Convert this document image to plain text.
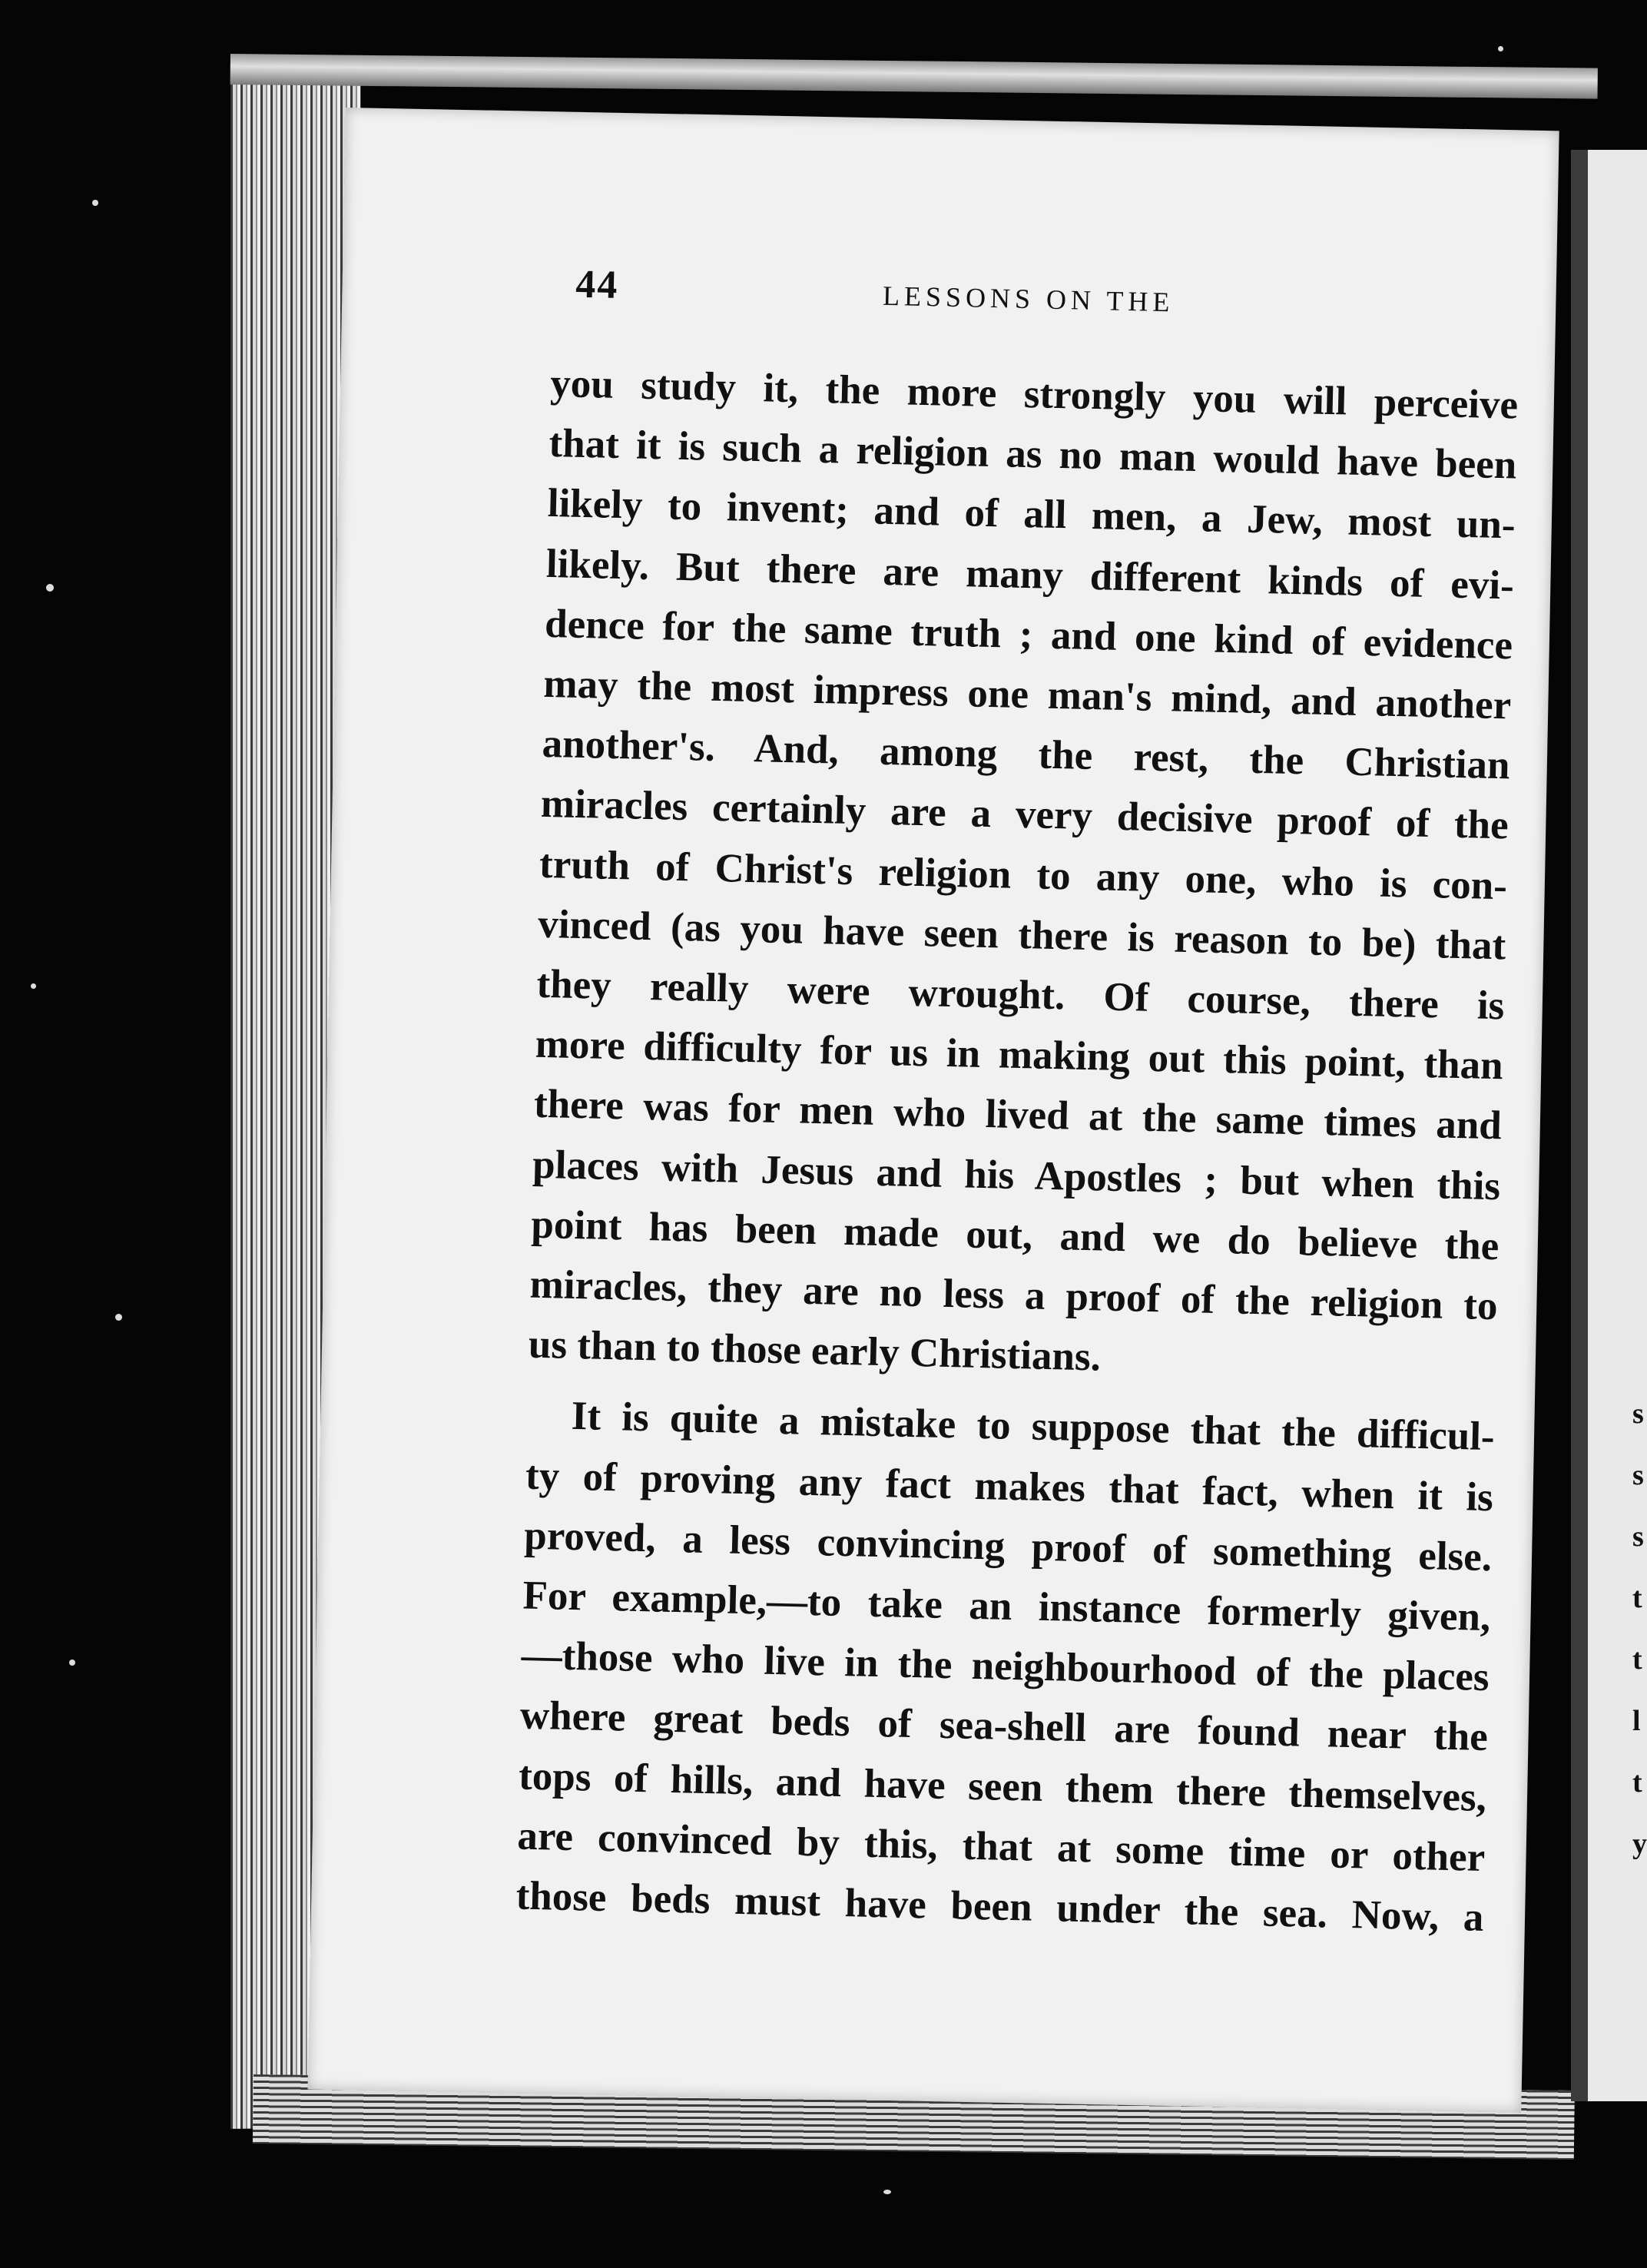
s
s
s
t
t
l
t
y
44	LESSONS ON THE
you study it, the more strongly you will perceive
that it is such a religion as no man would have been
likely to invent; and of all men, a Jew, most un-
likely. But there are many different kinds of evi-
dence for the same truth ; and one kind of evidence
may the most impress one man's mind, and another
another's. And, among the rest, the Christian
miracles certainly are a very decisive proof of the
truth of Christ's religion to any one, who is con-
vinced (as you have seen there is reason to be) that
they really were wrought. Of course, there is
more difficulty for us in making out this point, than
there was for men who lived at the same times and
places with Jesus and his Apostles ; but when this
point has been made out, and we do believe the
miracles, they are no less a proof of the religion to
us than to those early Christians.
It is quite a mistake to suppose that the difficul-
ty of proving any fact makes that fact, when it is
proved, a less convincing proof of something else.
For example,—to take an instance formerly given,
—those who live in the neighbourhood of the places
where great beds of sea-shell are found near the
tops of hills, and have seen them there themselves,
are convinced by this, that at some time or other
those beds must have been under the sea. Now, a
